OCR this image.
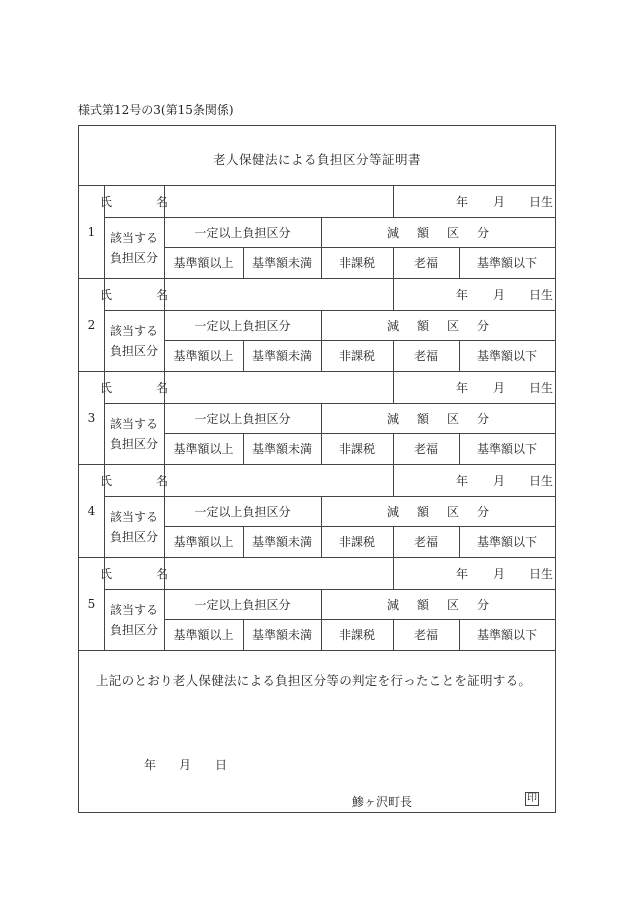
様式第12号の3(第15条関係)
老人保健法による負担区分等証明書
1
氏　名	年 月 日生
該当する
負担区分
一定以上負担区分	減額区分
基準額以上	基準額未満	非課税	老福	基準額以下
2
氏　名	年 月 日生
該当する
負担区分
一定以上負担区分	減額区分
基準額以上	基準額未満	非課税	老福	基準額以下
3
氏　名	年 月 日生
該当する
負担区分
一定以上負担区分	減額区分
基準額以上	基準額未満	非課税	老福	基準額以下
4
氏　名	年 月 日生
該当する
負担区分
一定以上負担区分	減額区分
基準額以上	基準額未満	非課税	老福	基準額以下
5
氏　名	年 月 日生
該当する
負担区分
一定以上負担区分	減額区分
基準額以上	基準額未満	非課税	老福	基準額以下
上記のとおり老人保健法による負担区分等の判定を行ったことを証明する。
年 月 日
鯵ヶ沢町長	印
